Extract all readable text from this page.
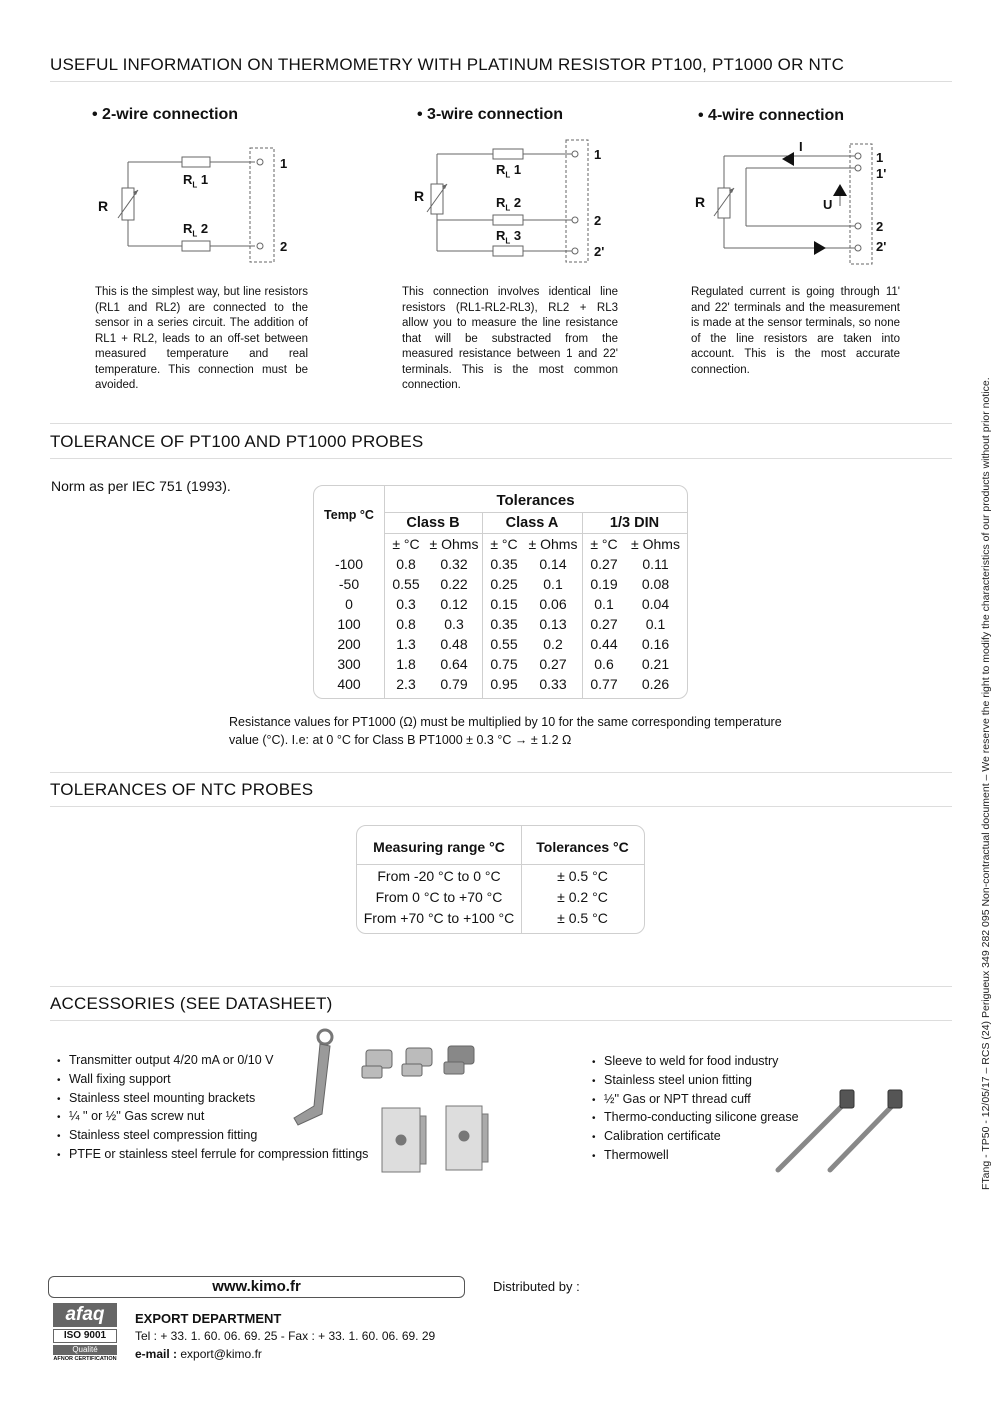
USEFUL INFORMATION ON THERMOMETRY WITH PLATINUM RESISTOR PT100, PT1000 OR NTC
• 2-wire connection
R
$R_L$ 1
$R_L$ 2
1
2
This is the simplest way, but line resistors (RL1 and RL2) are connected to the sensor in a series circuit. The addition of RL1 + RL2, leads to an off-set between measured temperature and real temperature. This connection must be avoided.
• 3-wire connection
R
$R_L$ 1
$R_L$ 2
$R_L$ 3
1
2
2'
This connection involves identical line resistors (RL1-RL2-RL3), RL2 + RL3 allow you to measure the line resistance that will be substracted from the measured resistance between 1 and 22' terminals. This is the most common connection.
• 4-wire connection
I
U
R
1
1'
2
2'
Regulated current is going through 11' and 22' terminals and the measurement is made at the sensor terminals, so none of the line resistors are taken into account. This is the most accurate connection.
TOLERANCE OF PT100 AND PT1000 PROBES
Norm as per IEC 751 (1993).
Temp °C
Tolerances
Class B	Class A	1/3 DIN
± °C ± Ohms ± °C ± Ohms ± °C ± Ohms
-100	0.8	0.32	0.35	0.14	0.27	0.11
-50	0.55	0.22	0.25	0.1	0.19	0.08
0	0.3	0.12	0.15	0.06	0.1	0.04
100	0.8	0.3	0.35	0.13	0.27	0.1
200	1.3	0.48	0.55	0.2	0.44	0.16
300	1.8	0.64	0.75	0.27	0.6	0.21
400	2.3	0.79	0.95	0.33	0.77	0.26
Resistance values for PT1000 (Ω) must be multiplied by 10 for the same corresponding temperature
value (°C). I.e: at 0 °C for Class B PT1000 ± 0.3 °C → ± 1.2 Ω
TOLERANCES OF NTC PROBES
Measuring range °C	Tolerances °C
From -20 °C to 0 °C	± 0.5 °C
From 0 °C to +70 °C	± 0.2 °C
From +70 °C to +100 °C	± 0.5 °C
ACCESSORIES (SEE DATASHEET)
• Transmitter output 4/20 mA or 0/10 V
• Wall fixing support
• Stainless steel mounting brackets
• ¼ '' or ½'' Gas screw nut
• Stainless steel compression fitting
• PTFE or stainless steel ferrule for compression fittings
• Sleeve to weld for food industry
• Stainless steel union fitting
• ½'' Gas or NPT thread cuff
• Thermo-conducting silicone grease
• Calibration certificate
• Thermowell
www.kimo.fr	Distributed by :
afaq
ISO 9001
Qualité
AFNOR CERTIFICATION
EXPORT DEPARTMENT
Tel : + 33. 1. 60. 06. 69. 25 - Fax : + 33. 1. 60. 06. 69. 29
e-mail : export@kimo.fr
FTang - TP50 - 12/05/17 – RCS (24) Perigueux 349 282 095 Non-contractual document – We reserve the right to modify the characteristics of our products without prior notice.
